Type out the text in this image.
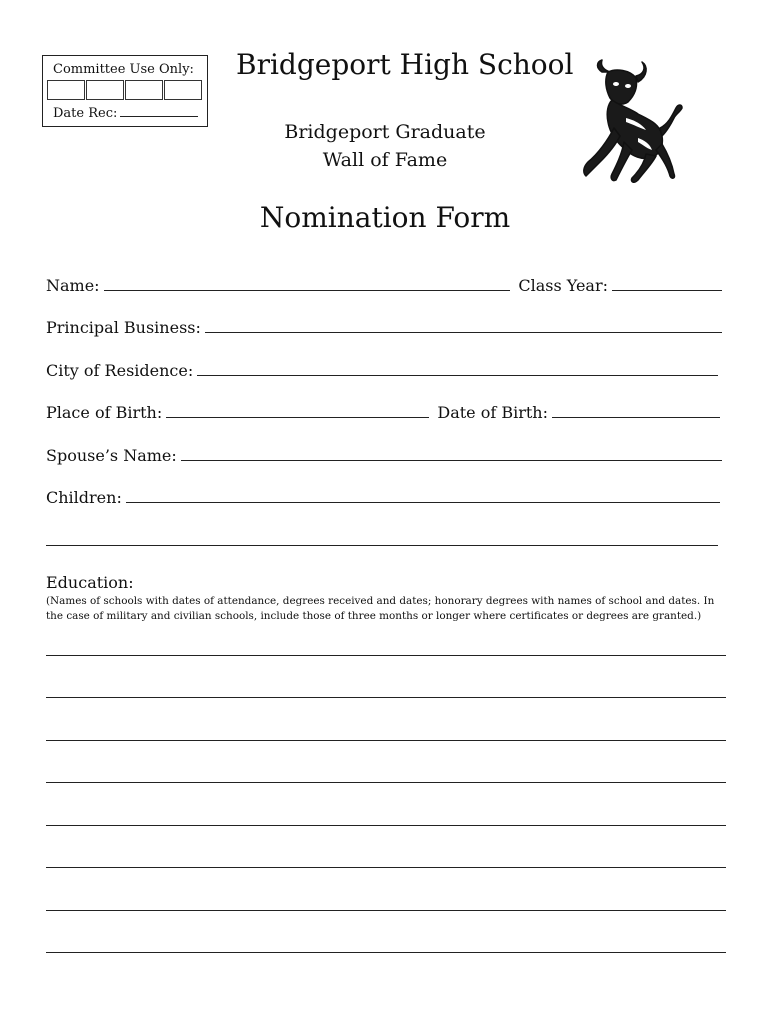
Committee Use Only:
Date Rec:
Bridgeport High School
Bridgeport Graduate
Wall of Fame
Nomination Form
Name:	Class Year:
Principal Business:
City of Residence:
Place of Birth:	Date of Birth:
Spouse’s Name:
Children:
Education:
(Names of schools with dates of attendance, degrees received and dates; honorary degrees with names of school and dates. In the case of military and civilian schools, include those of three months or longer where certificates or degrees are granted.)
